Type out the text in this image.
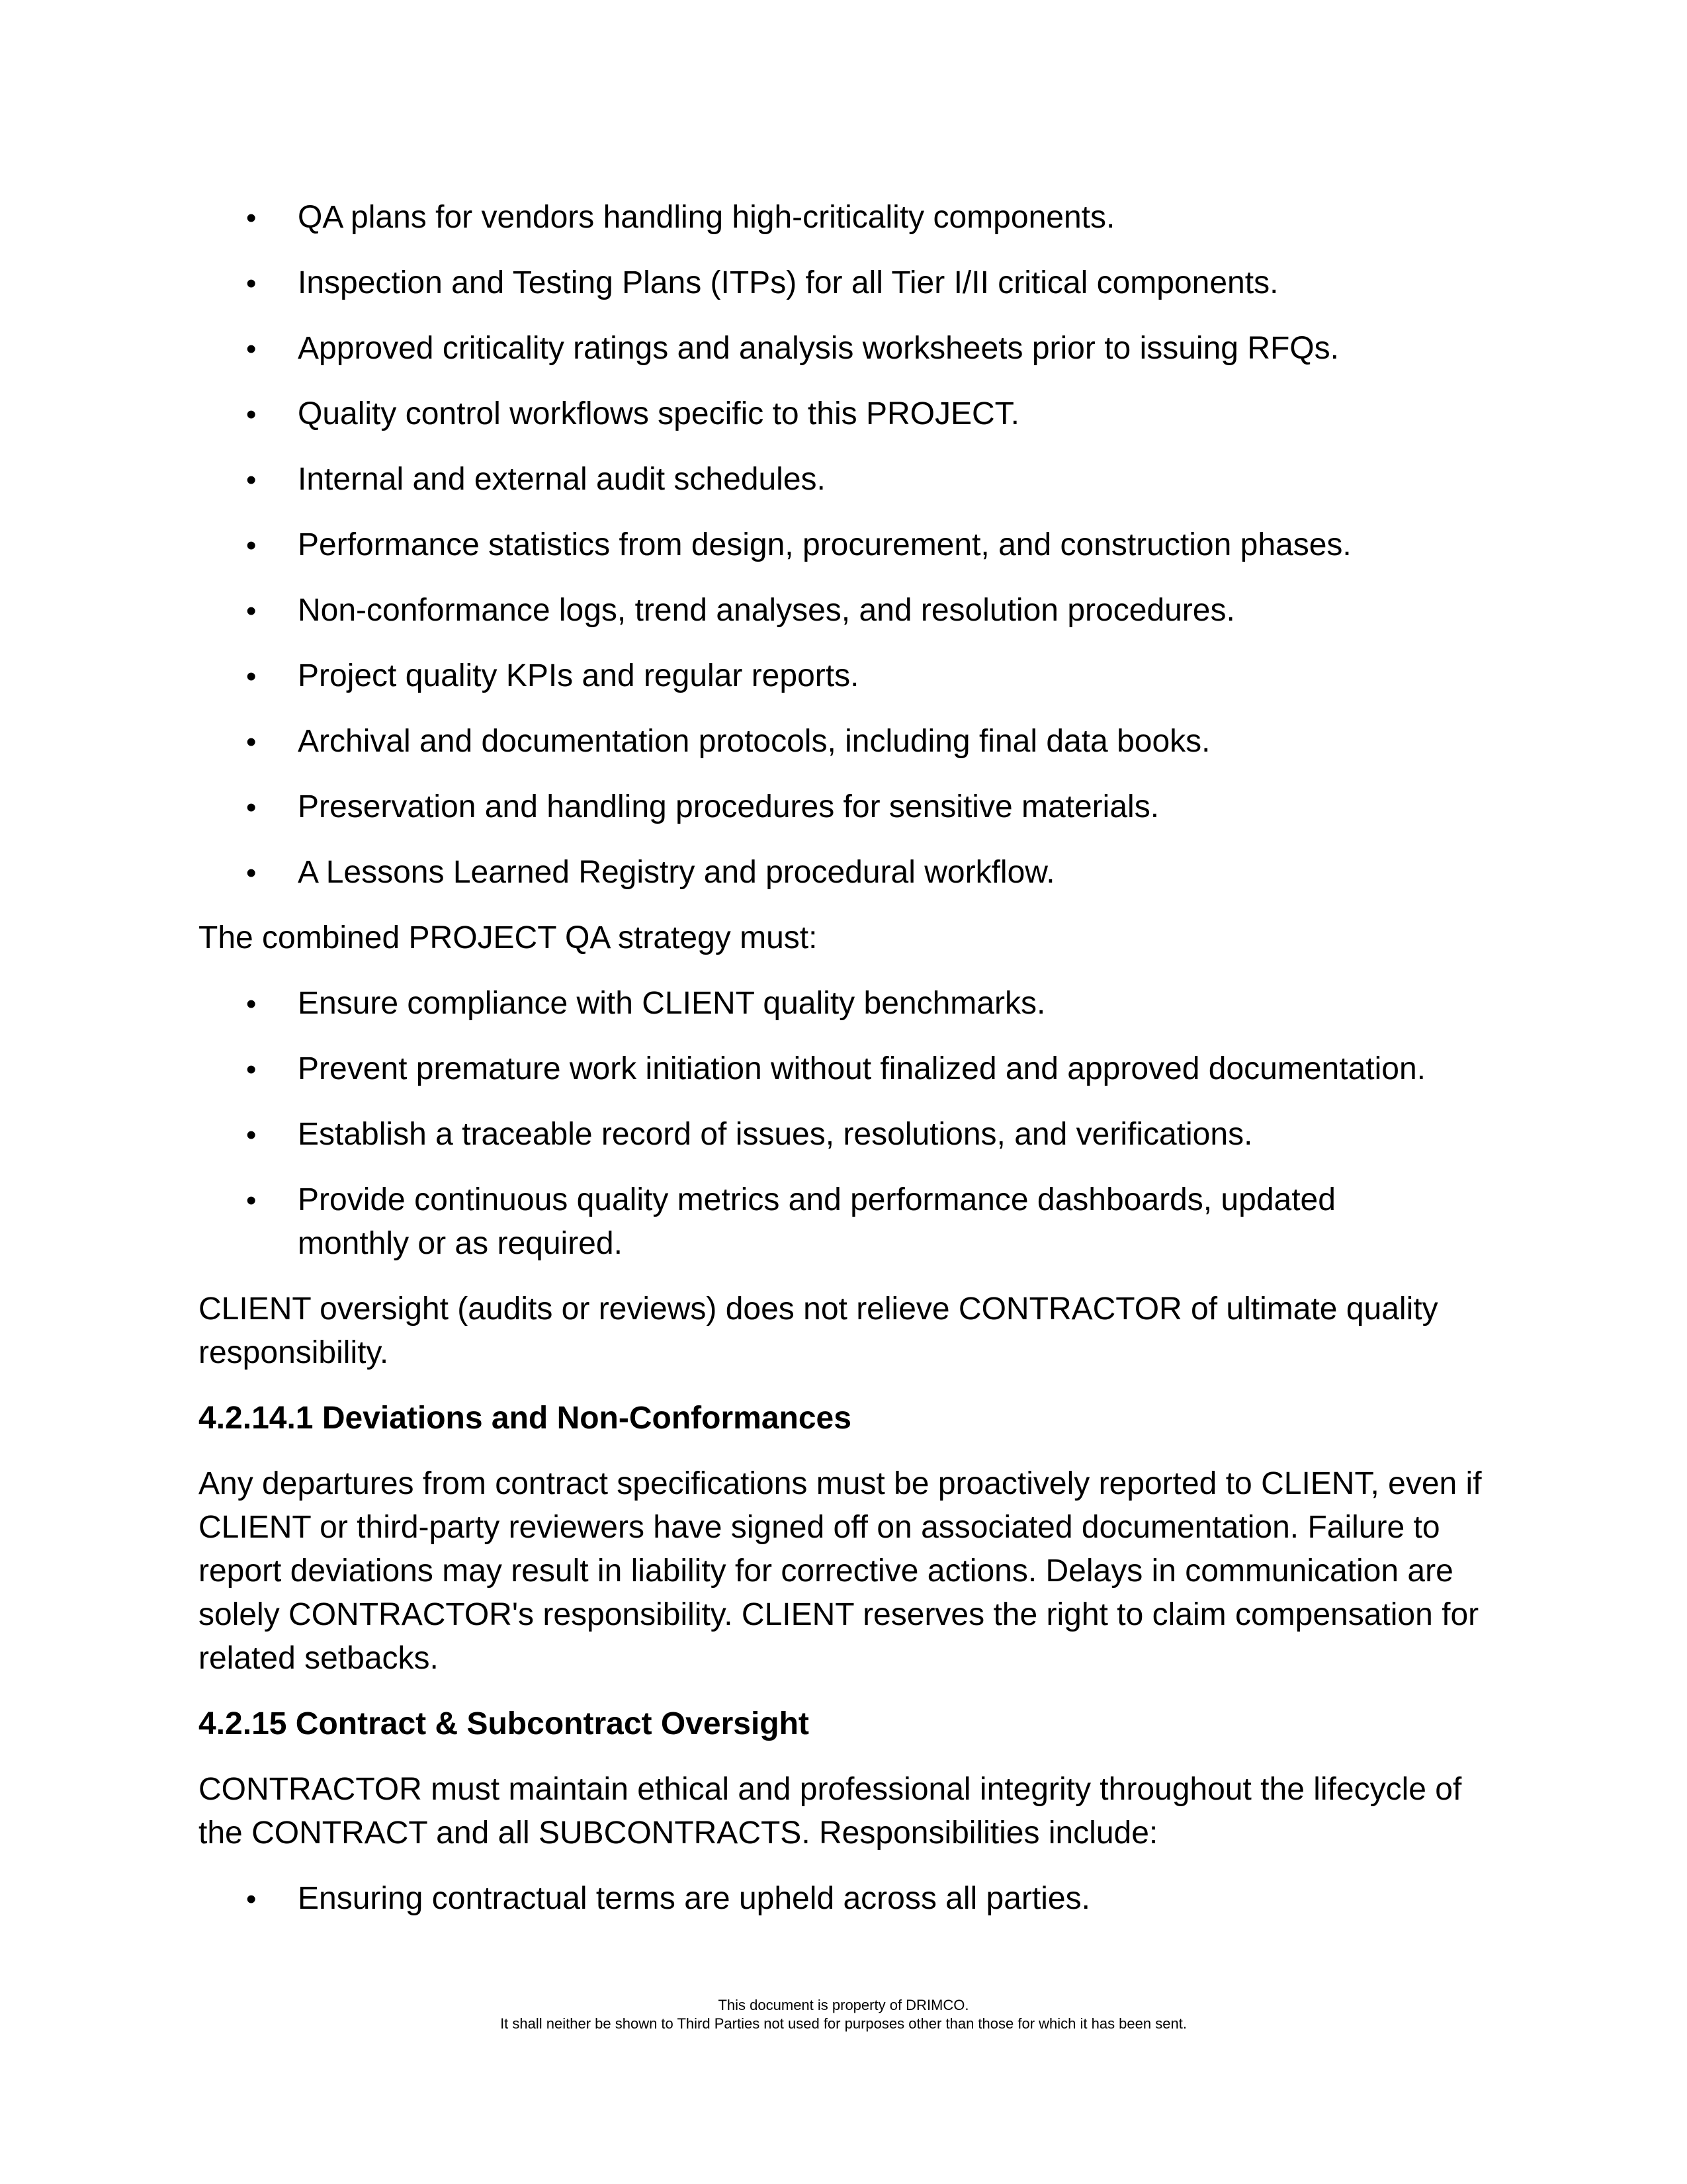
•
QA plans for vendors handling high-criticality components.
•
Inspection and Testing Plans (ITPs) for all Tier I/II critical components.
•
Approved criticality ratings and analysis worksheets prior to issuing RFQs.
•
Quality control workflows specific to this PROJECT.
•
Internal and external audit schedules.
•
Performance statistics from design, procurement, and construction phases.
•
Non-conformance logs, trend analyses, and resolution procedures.
•
Project quality KPIs and regular reports.
•
Archival and documentation protocols, including final data books.
•
Preservation and handling procedures for sensitive materials.
•
A Lessons Learned Registry and procedural workflow.

The combined PROJECT QA strategy must:

•
Ensure compliance with CLIENT quality benchmarks.
•
Prevent premature work initiation without finalized and approved documentation.
•
Establish a traceable record of issues, resolutions, and verifications.
•
Provide continuous quality metrics and performance dashboards, updated monthly or as required.

CLIENT oversight (audits or reviews) does not relieve CONTRACTOR of ultimate quality responsibility.

4.2.14.1 Deviations and Non-Conformances

Any departures from contract specifications must be proactively reported to CLIENT, even if CLIENT or third-party reviewers have signed off on associated documentation. Failure to report deviations may result in liability for corrective actions. Delays in communication are solely CONTRACTOR's responsibility. CLIENT reserves the right to claim compensation for related setbacks.

4.2.15 Contract & Subcontract Oversight

CONTRACTOR must maintain ethical and professional integrity throughout the lifecycle of the CONTRACT and all SUBCONTRACTS. Responsibilities include:

•
Ensuring contractual terms are upheld across all parties.
This document is property of DRIMCO.
It shall neither be shown to Third Parties not used for purposes other than those for which it has been sent.
